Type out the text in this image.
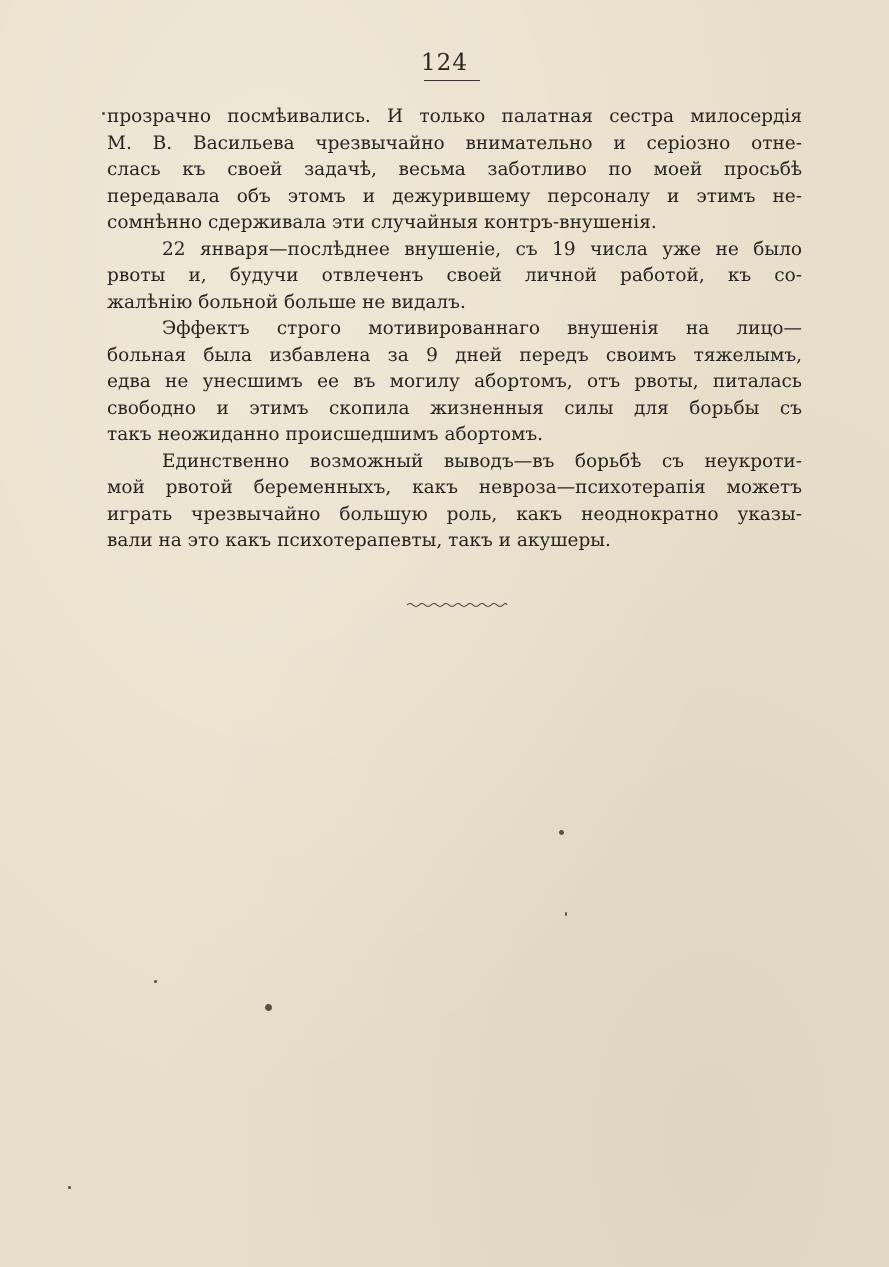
124
прозрачно посмѣивались. И только палатная сестра милосердія
М. В. Васильева чрезвычайно внимательно и серіозно отне-
слась къ своей задачѣ, весьма заботливо по моей просьбѣ
передавала объ этомъ и дежурившему персоналу и этимъ не-
сомнѣнно сдерживала эти случайныя контръ-внушенія.
22 января—послѣднее внушеніе, съ 19 числа уже не было
рвоты и, будучи отвлеченъ своей личной работой, къ со-
жалѣнію больной больше не видалъ.
Эффектъ строго мотивированнаго внушенія на лицо—
больная была избавлена за 9 дней передъ своимъ тяжелымъ,
едва не унесшимъ ее въ могилу абортомъ, отъ рвоты, питалась
свободно и этимъ скопила жизненныя силы для борьбы съ
такъ неожиданно происшедшимъ абортомъ.
Единственно возможный выводъ—въ борьбѣ съ неукроти-
мой рвотой беременныхъ, какъ невроза—психотерапія можетъ
играть чрезвычайно большую роль, какъ неоднократно указы-
вали на это какъ психотерапевты, такъ и акушеры.
